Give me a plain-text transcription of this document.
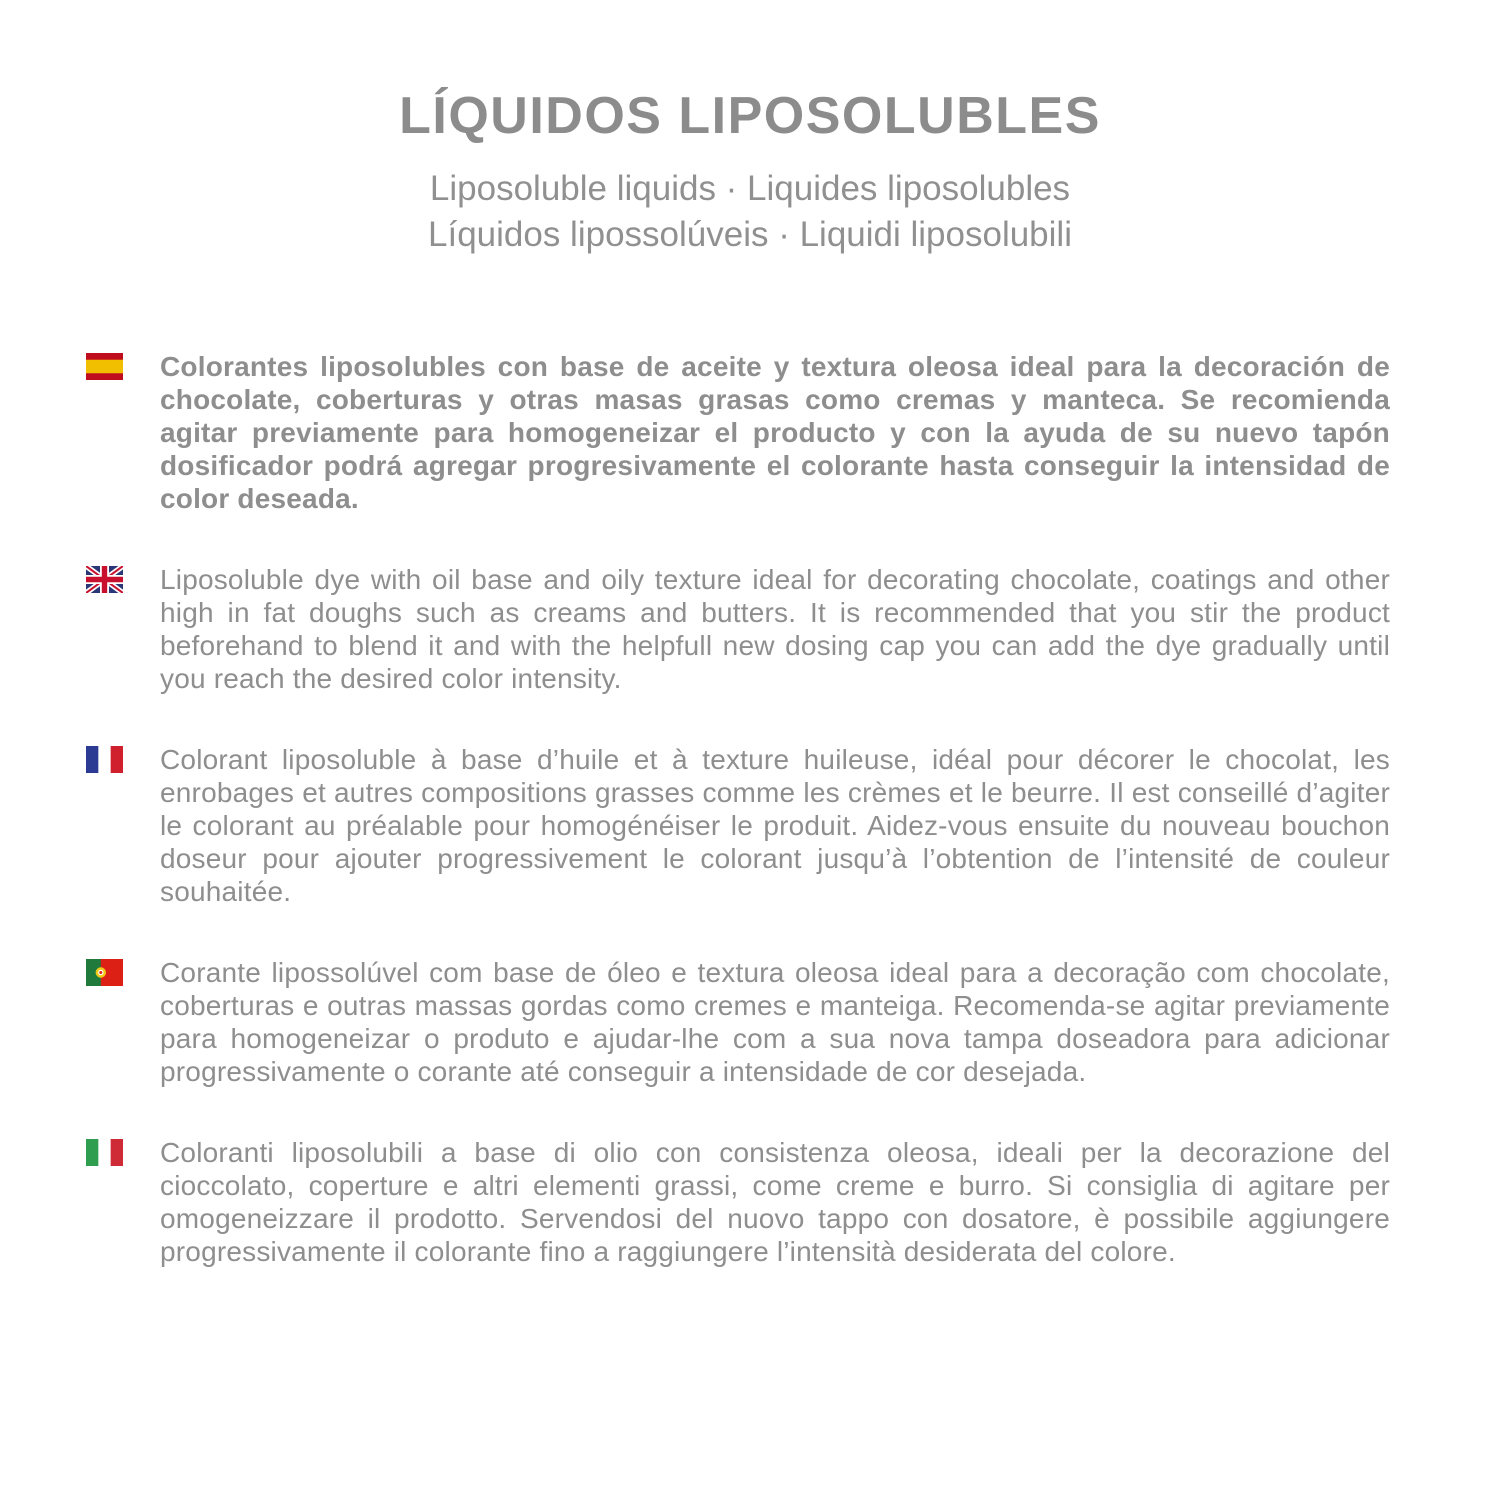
LÍQUIDOS LIPOSOLUBLES
Liposoluble liquids · Liquides liposolubles
Líquidos lipossolúveis · Liquidi liposolubili

Colorantes liposolubles con base de aceite y textura oleosa ideal para la decoración de chocolate, coberturas y otras masas grasas como cremas y manteca. Se recomienda agitar previamente para homogeneizar el producto y con la ayuda de su nuevo tapón dosificador podrá agregar progresivamente el colorante hasta conseguir la intensidad de color deseada.

Liposoluble dye with oil base and oily texture ideal for decorating chocolate, coatings and other high in fat doughs such as creams and butters. It is recommended that you stir the product beforehand to blend it and with the helpfull new dosing cap you can add the dye gradually until you reach the desired color intensity.

Colorant liposoluble à base d’huile et à texture huileuse, idéal pour décorer le chocolat, les enrobages et autres compositions grasses comme les crèmes et le beurre. Il est conseillé d’agiter le colorant au préalable pour homogénéiser le produit. Aidez-vous ensuite du nouveau bouchon doseur pour ajouter progressivement le colorant jusqu’à l’obtention de l’intensité de couleur souhaitée.

Corante lipossolúvel com base de óleo e textura oleosa ideal para a decoração com chocolate, coberturas e outras massas gordas como cremes e manteiga. Recomenda-se agitar previamente para homogeneizar o produto e ajudar-lhe com a sua nova tampa doseadora para adicionar progressivamente o corante até conseguir a intensidade de cor desejada.

Coloranti liposolubili a base di olio con consistenza oleosa, ideali per la decorazione del cioccolato, coperture e altri elementi grassi, come creme e burro. Si consiglia di agitare per omogeneizzare il prodotto. Servendosi del nuovo tappo con dosatore, è possibile aggiungere progressivamente il colorante fino a raggiungere l’intensità desiderata del colore.
